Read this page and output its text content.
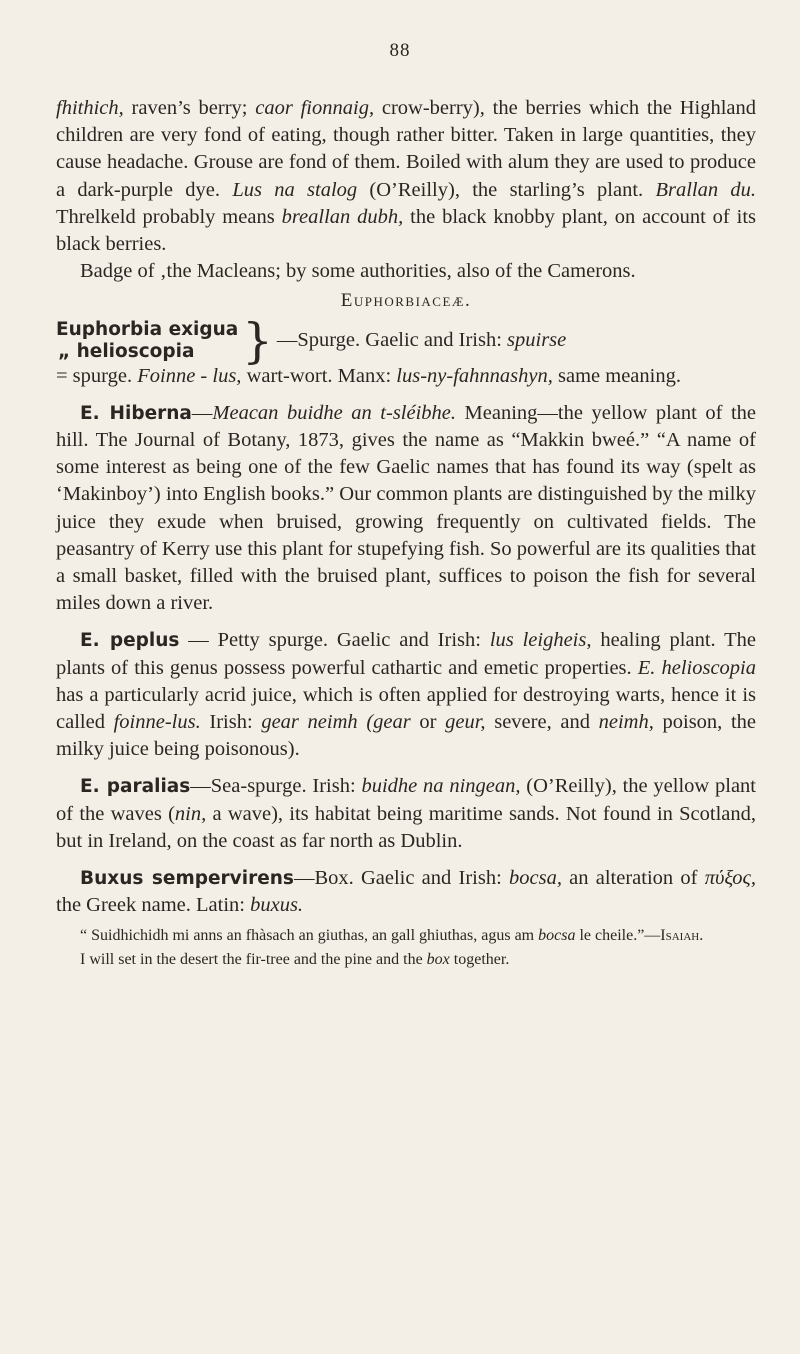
88

fhithich, raven’s berry; caor fionnaig, crow-berry), the berries which the Highland children are very fond of eating, though rather bitter. Taken in large quantities, they cause headache. Grouse are fond of them. Boiled with alum they are used to produce a dark-purple dye. Lus na stalog (O’Reilly), the starling’s plant. Brallan du. Threlkeld probably means breallan dubh, the black knobby plant, on account of its black berries.

Badge of ‚the Macleans; by some authorities, also of the Camerons.

Euphorbiaceæ.
Euphorbia exigua
„ helioscopia } —Spurge. Gaelic and Irish: spuirse

= spurge. Foinne - lus, wart-wort. Manx: lus-ny-fahnnashyn, same meaning.

E. Hiberna—Meacan buidhe an t-sléibhe. Meaning—the yellow plant of the hill. The Journal of Botany, 1873, gives the name as “Makkin bweé.” “A name of some interest as being one of the few Gaelic names that has found its way (spelt as ‘Makinboy’) into English books.” Our common plants are distinguished by the milky juice they exude when bruised, growing frequently on cultivated fields. The peasantry of Kerry use this plant for stupefying fish. So powerful are its qualities that a small basket, filled with the bruised plant, suffices to poison the fish for several miles down a river.

E. peplus — Petty spurge. Gaelic and Irish: lus leigheis, healing plant. The plants of this genus possess powerful cathartic and emetic properties. E. helioscopia has a particularly acrid juice, which is often applied for destroying warts, hence it is called foinne-lus. Irish: gear neimh (gear or geur, severe, and neimh, poison, the milky juice being poisonous).

E. paralias—Sea-spurge. Irish: buidhe na ningean, (O’Reilly), the yellow plant of the waves (nin, a wave), its habitat being maritime sands. Not found in Scotland, but in Ireland, on the coast as far north as Dublin.

Buxus sempervirens—Box. Gaelic and Irish: bocsa, an alteration of πύξος, the Greek name. Latin: buxus.

“ Suidhichidh mi anns an fhàsach an giuthas, an gall ghiuthas, agus am bocsa le cheile.”—Isaiah.

I will set in the desert the fir-tree and the pine and the box together.
